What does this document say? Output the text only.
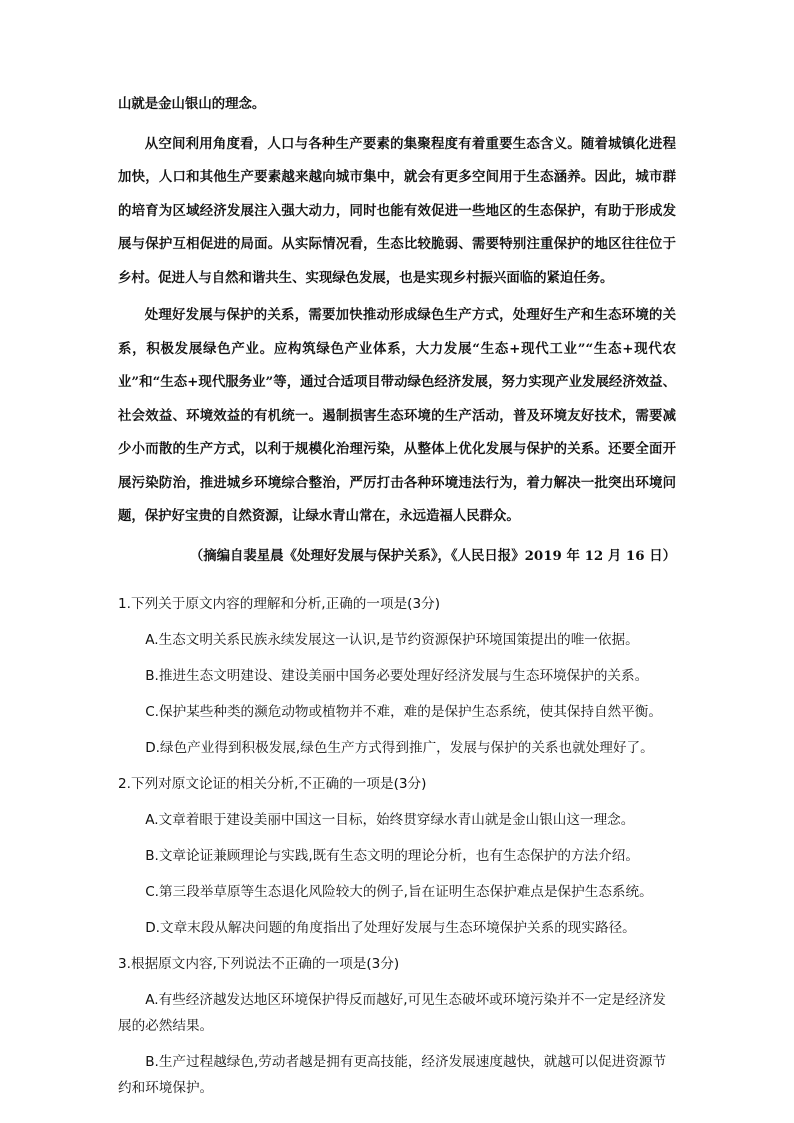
山就是金山银山的理念。

从空间利用角度看，人口与各种生产要素的集聚程度有着重要生态含义。随着城镇化进程加快，人口和其他生产要素越来越向城市集中，就会有更多空间用于生态涵养。因此，城市群的培育为区域经济发展注入强大动力，同时也能有效促进一些地区的生态保护，有助于形成发展与保护互相促进的局面。从实际情况看，生态比较脆弱、需要特别注重保护的地区往往位于乡村。促进人与自然和谐共生、实现绿色发展，也是实现乡村振兴面临的紧迫任务。

处理好发展与保护的关系，需要加快推动形成绿色生产方式，处理好生产和生态环境的关系，积极发展绿色产业。应构筑绿色产业体系，大力发展“生态+现代工业”“生态+现代农业”和“生态+现代服务业”等，通过合适项目带动绿色经济发展，努力实现产业发展经济效益、社会效益、环境效益的有机统一。遏制损害生态环境的生产活动，普及环境友好技术，需要减少小而散的生产方式，以利于规模化治理污染，从整体上优化发展与保护的关系。还要全面开展污染防治，推进城乡环境综合整治，严厉打击各种环境违法行为，着力解决一批突出环境问题，保护好宝贵的自然资源，让绿水青山常在，永远造福人民群众。

（摘编自裴星晨《处理好发展与保护关系》，《人民日报》2019 年 12 月 16 日）

1.下列关于原文内容的理解和分析,正确的一项是(3分)

A.生态文明关系民族永续发展这一认识,是节约资源保护环境国策提出的唯一依据。

B.推进生态文明建设、建设美丽中国务必要处理好经济发展与生态环境保护的关系。

C.保护某些种类的濒危动物或植物并不难，难的是保护生态系统，使其保持自然平衡。

D.绿色产业得到积极发展,绿色生产方式得到推广，发展与保护的关系也就处理好了。

2.下列对原文论证的相关分析,不正确的一项是(3分)

A.文章着眼于建设美丽中国这一目标，始终贯穿绿水青山就是金山银山这一理念。

B.文章论证兼顾理论与实践,既有生态文明的理论分析，也有生态保护的方法介绍。

C.第三段举草原等生态退化风险较大的例子,旨在证明生态保护难点是保护生态系统。

D.文章末段从解决问题的角度指出了处理好发展与生态环境保护关系的现实路径。

3.根据原文内容,下列说法不正确的一项是(3分)

A.有些经济越发达地区环境保护得反而越好,可见生态破坏或环境污染并不一定是经济发展的必然结果。

B.生产过程越绿色,劳动者越是拥有更高技能，经济发展速度越快，就越可以促进资源节约和环境保护。
